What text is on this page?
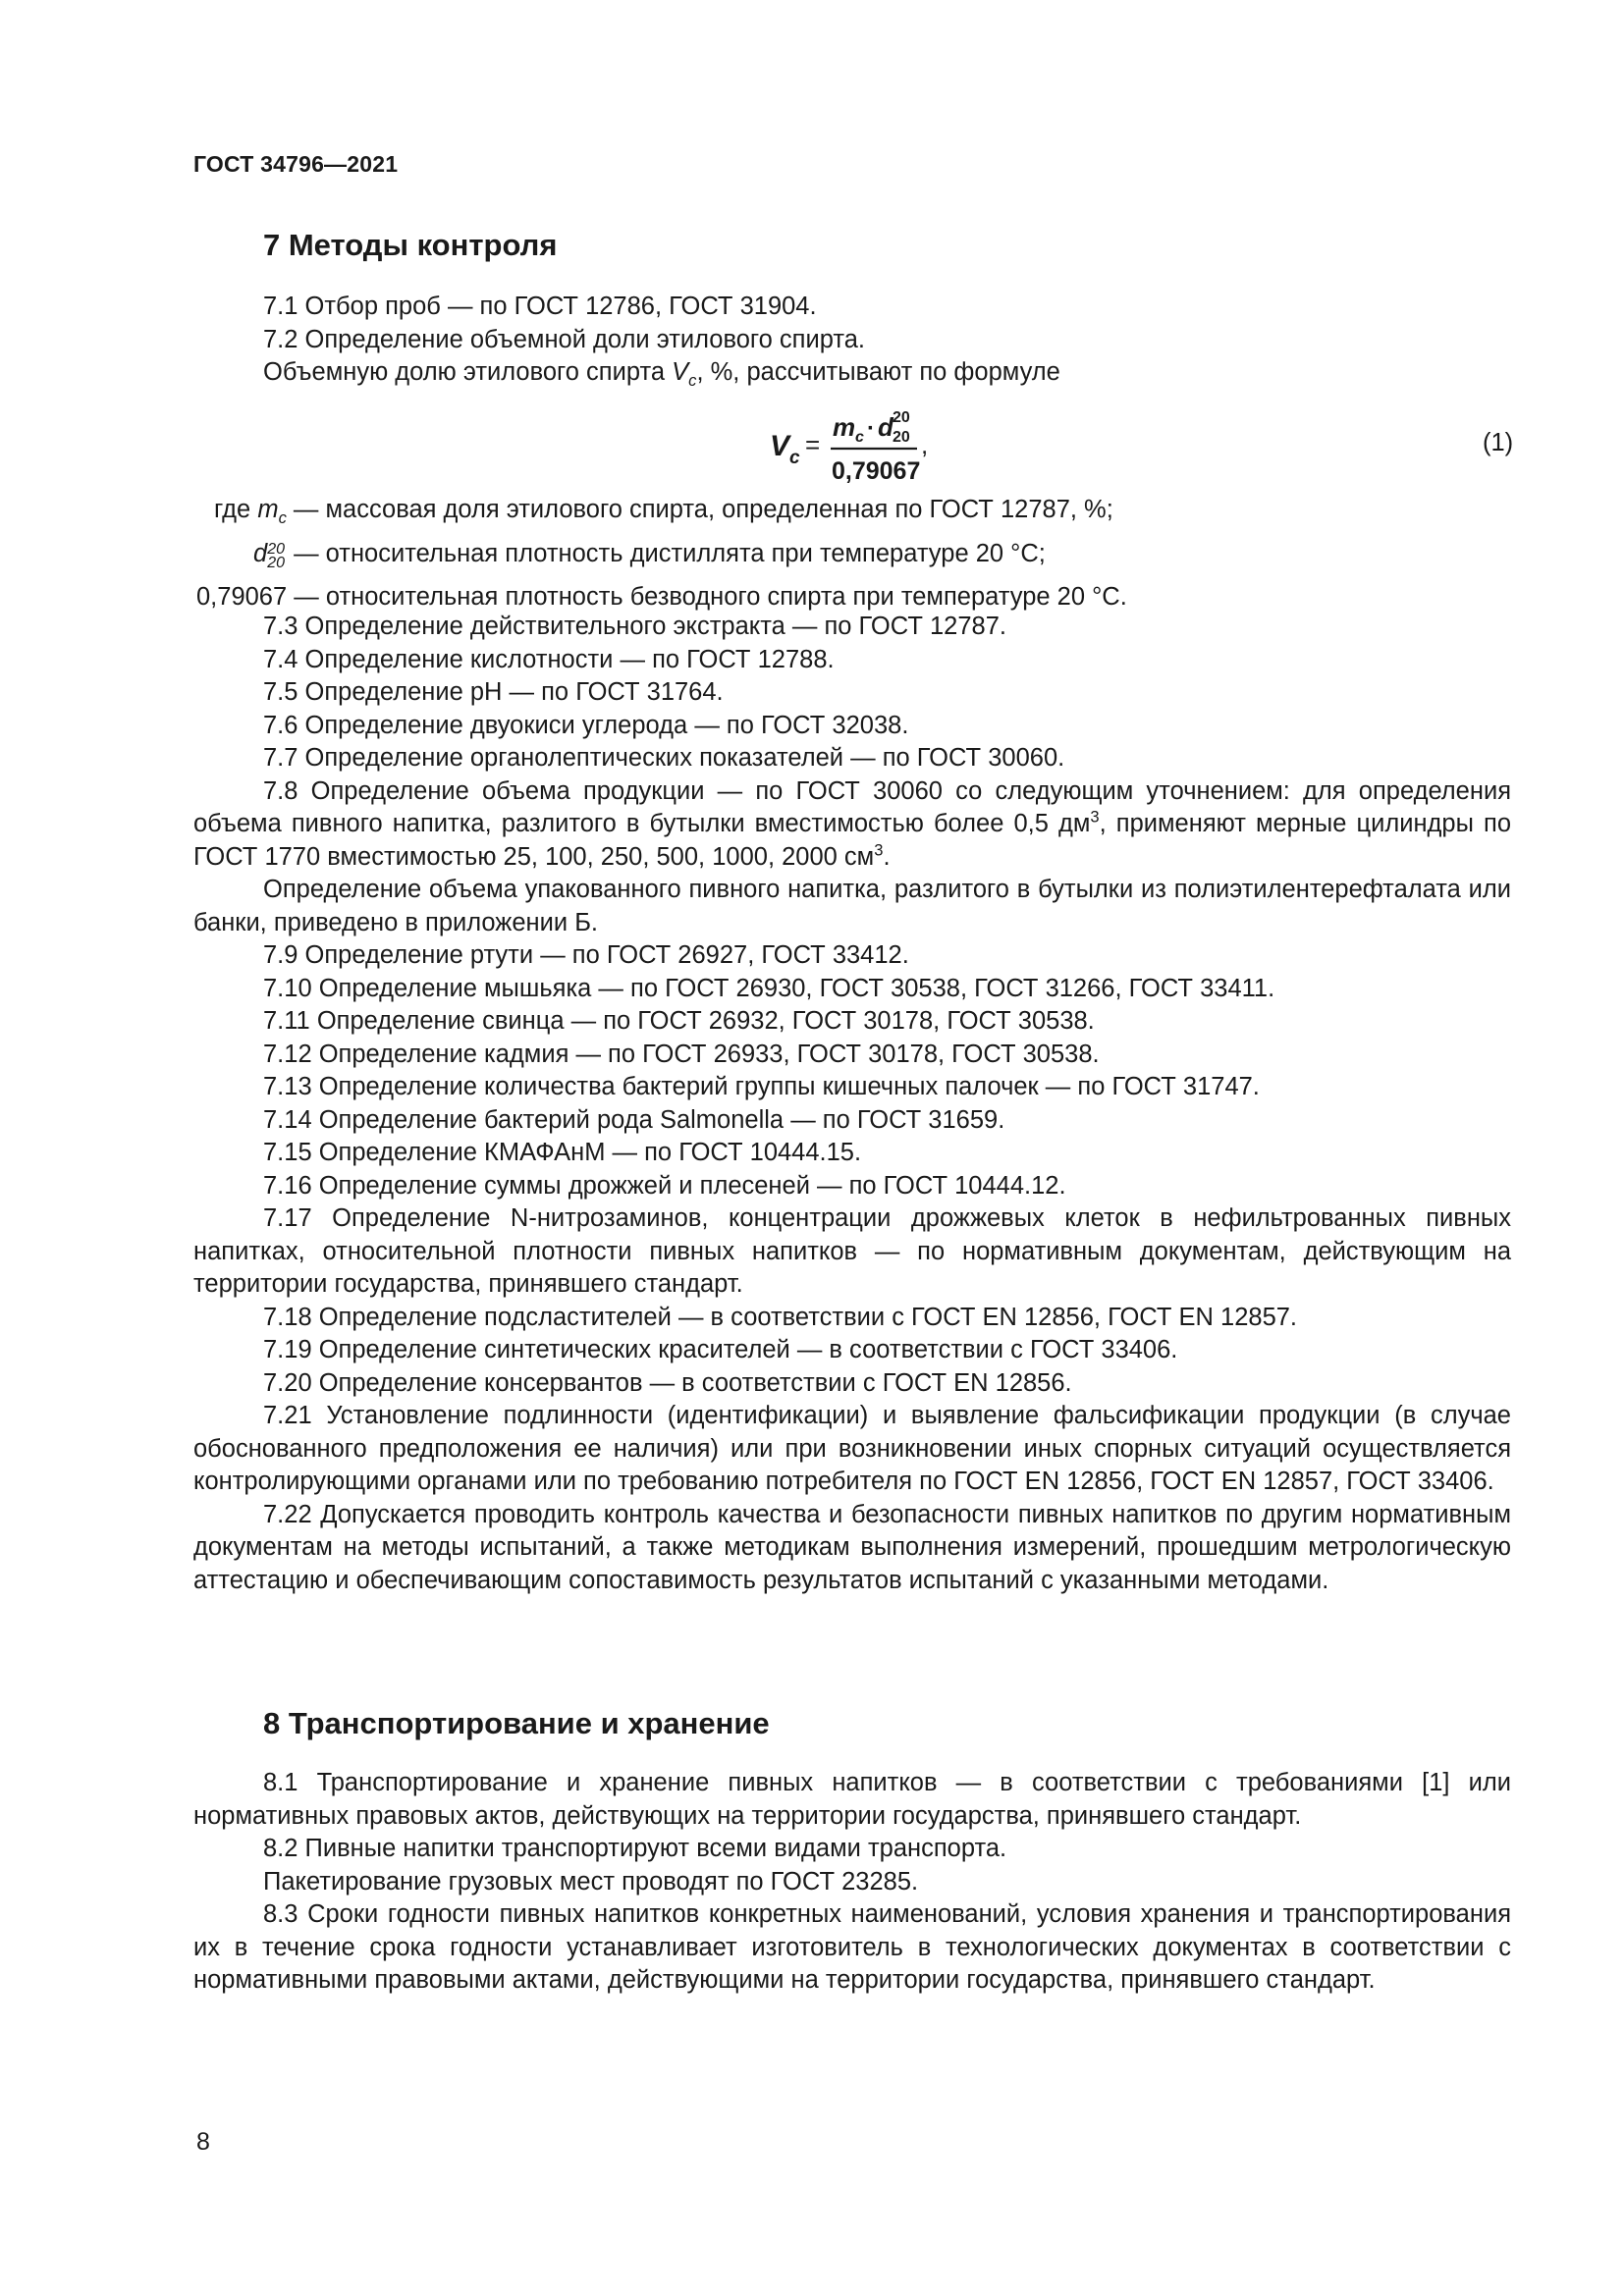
ГОСТ 34796—2021
7 Методы контроля

7.1 Отбор проб — по ГОСТ 12786, ГОСТ 31904.

7.2 Определение объемной доли этилового спирта.

Объемную долю этилового спирта $V_c$, %, рассчитывают по формуле

V c =
m c · d 20
20
0,79067
,	(1)
где $m_c$ — массовая доля этилового спирта, определенная по ГОСТ 12787, %;
d 20
20 — относительная плотность дистиллята при температуре 20 °С;
0,79067 — относительная плотность безводного спирта при температуре 20 °С.

7.3 Определение действительного экстракта — по ГОСТ 12787.

7.4 Определение кислотности — по ГОСТ 12788.

7.5 Определение pH — по ГОСТ 31764.

7.6 Определение двуокиси углерода — по ГОСТ 32038.

7.7 Определение органолептических показателей — по ГОСТ 30060.

7.8 Определение объема продукции — по ГОСТ 30060 со следующим уточнением: для определения объема пивного напитка, разлитого в бутылки вместимостью более 0,5 $дм^3$, применяют мерные цилиндры по ГОСТ 1770 вместимостью 25, 100, 250, 500, 1000, 2000 $см^3$.

Определение объема упакованного пивного напитка, разлитого в бутылки из полиэтилентерефталата или банки, приведено в приложении Б.

7.9 Определение ртути — по ГОСТ 26927, ГОСТ 33412.

7.10 Определение мышьяка — по ГОСТ 26930, ГОСТ 30538, ГОСТ 31266, ГОСТ 33411.

7.11 Определение свинца — по ГОСТ 26932, ГОСТ 30178, ГОСТ 30538.

7.12 Определение кадмия — по ГОСТ 26933, ГОСТ 30178, ГОСТ 30538.

7.13 Определение количества бактерий группы кишечных палочек — по ГОСТ 31747.

7.14 Определение бактерий рода Salmonella — по ГОСТ 31659.

7.15 Определение КМАФАнМ — по ГОСТ 10444.15.

7.16 Определение суммы дрожжей и плесеней — по ГОСТ 10444.12.

7.17 Определение N-нитрозаминов, концентрации дрожжевых клеток в нефильтрованных пивных напитках, относительной плотности пивных напитков — по нормативным документам, действующим на территории государства, принявшего стандарт.

7.18 Определение подсластителей — в соответствии с ГОСТ EN 12856, ГОСТ EN 12857.

7.19 Определение синтетических красителей — в соответствии с ГОСТ 33406.

7.20 Определение консервантов — в соответствии с ГОСТ EN 12856.

7.21 Установление подлинности (идентификации) и выявление фальсификации продукции (в случае обоснованного предположения ее наличия) или при возникновении иных спорных ситуаций осуществляется контролирующими органами или по требованию потребителя по ГОСТ EN 12856, ГОСТ EN 12857, ГОСТ 33406.

7.22 Допускается проводить контроль качества и безопасности пивных напитков по другим нормативным документам на методы испытаний, а также методикам выполнения измерений, прошедшим метрологическую аттестацию и обеспечивающим сопоставимость результатов испытаний с указанными методами.

8 Транспортирование и хранение

8.1 Транспортирование и хранение пивных напитков — в соответствии с требованиями [1] или нормативных правовых актов, действующих на территории государства, принявшего стандарт.

8.2 Пивные напитки транспортируют всеми видами транспорта.

Пакетирование грузовых мест проводят по ГОСТ 23285.

8.3 Сроки годности пивных напитков конкретных наименований, условия хранения и транспортирования их в течение срока годности устанавливает изготовитель в технологических документах в соответствии с нормативными правовыми актами, действующими на территории государства, принявшего стандарт.

8
